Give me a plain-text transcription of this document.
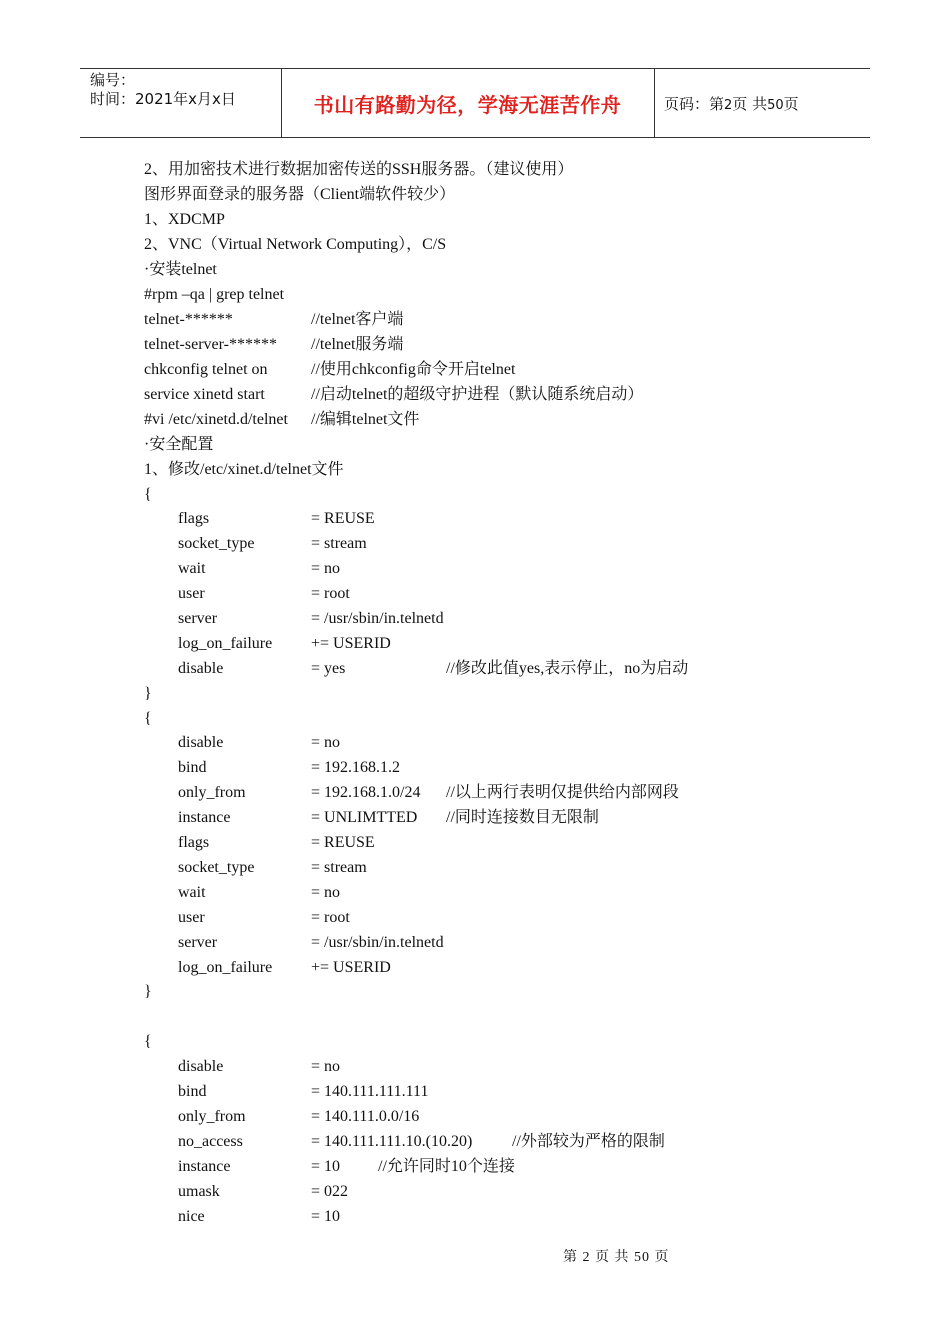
编号：
时间：2021年x月x日	书山有路勤为径，学海无涯苦作舟	页码：第2页 共50页
2、用加密技术进行数据加密传送的SSH服务器。（建议使用）
图形界面登录的服务器（Client端软件较少）
1、XDCMP
2、VNC（Virtual Network Computing），C/S
·安装telnet
#rpm –qa | grep telnet
telnet-******	//telnet客户端
telnet-server-****** //telnet服务端
chkconfig telnet on	//使用chkconfig命令开启telnet
service xinetd start	//启动telnet的超级守护进程（默认随系统启动）
#vi /etc/xinetd.d/telnet //编辑telnet文件
·安全配置
1、修改/etc/xinet.d/telnet文件
{
flags	= REUSE
socket_type	= stream
wait	= no
user	= root
server	= /usr/sbin/in.telnetd
log_on_failure += USERID
disable	= yes	//修改此值yes,表示停止，no为启动
}
{
disable	= no
bind	= 192.168.1.2
only_from	= 192.168.1.0/24 //以上两行表明仅提供给内部网段
instance	= UNLIMTTED //同时连接数目无限制
flags	= REUSE
socket_type	= stream
wait	= no
user	= root
server	= /usr/sbin/in.telnetd
log_on_failure += USERID
}
{
disable	= no
bind	= 140.111.111.111
only_from	= 140.111.0.0/16
no_access	= 140.111.111.10.(10.20) //外部较为严格的限制
instance	= 10 //允许同时10个连接
umask	= 022
nice	= 10
第 2 页 共 50 页
